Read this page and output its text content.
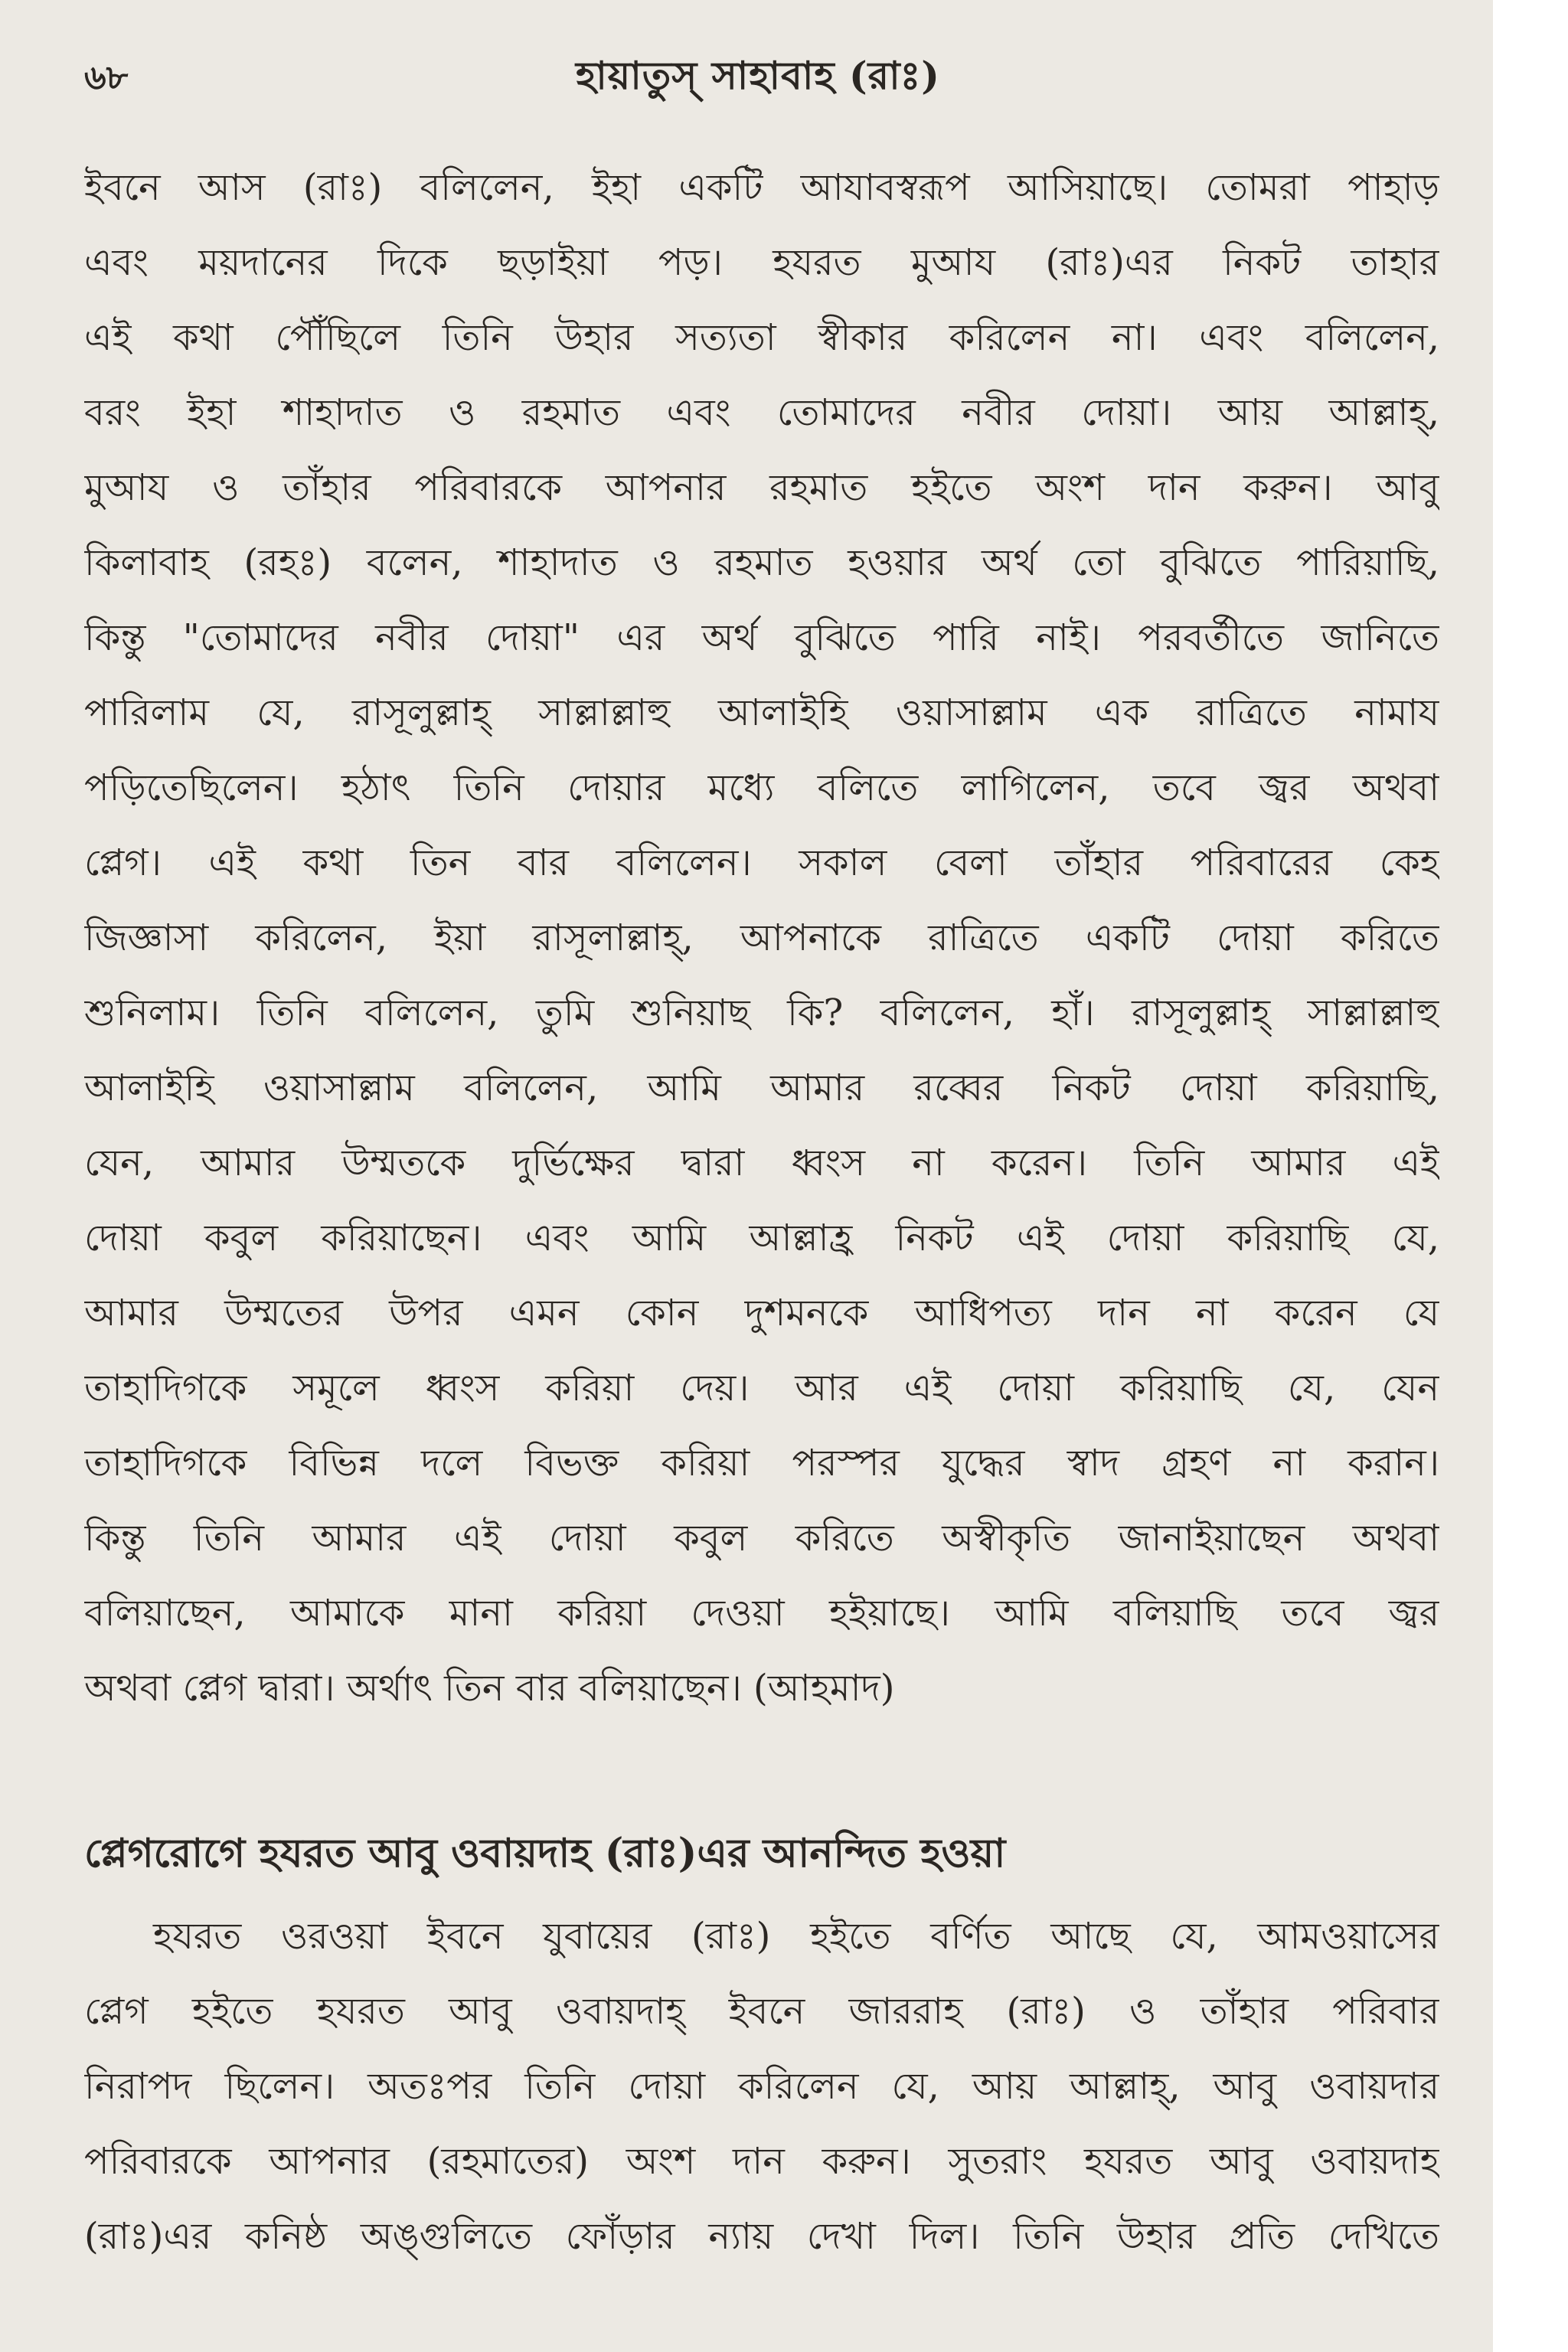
৬৮	হায়াতুস্ সাহাবাহ (রাঃ)
ইবনে আস (রাঃ) বলিলেন, ইহা একটি আযাবস্বরূপ আসিয়াছে। তোমরা পাহাড়
এবং ময়দানের দিকে ছড়াইয়া পড়। হযরত মুআয (রাঃ)এর নিকট তাহার
এই কথা পৌঁছিলে তিনি উহার সত্যতা স্বীকার করিলেন না। এবং বলিলেন,
বরং ইহা শাহাদাত ও রহমাত এবং তোমাদের নবীর দোয়া। আয় আল্লাহ্,
মুআয ও তাঁহার পরিবারকে আপনার রহমাত হইতে অংশ দান করুন। আবু
কিলাবাহ (রহঃ) বলেন, শাহাদাত ও রহমাত হওয়ার অর্থ তো বুঝিতে পারিয়াছি,
কিন্তু "তোমাদের নবীর দোয়া" এর অর্থ বুঝিতে পারি নাই। পরবর্তীতে জানিতে
পারিলাম যে, রাসূলুল্লাহ্ সাল্লাল্লাহু আলাইহি ওয়াসাল্লাম এক রাত্রিতে নামায
পড়িতেছিলেন। হঠাৎ তিনি দোয়ার মধ্যে বলিতে লাগিলেন, তবে জ্বর অথবা
প্লেগ। এই কথা তিন বার বলিলেন। সকাল বেলা তাঁহার পরিবারের কেহ
জিজ্ঞাসা করিলেন, ইয়া রাসূলাল্লাহ্, আপনাকে রাত্রিতে একটি দোয়া করিতে
শুনিলাম। তিনি বলিলেন, তুমি শুনিয়াছ কি? বলিলেন, হাঁ। রাসূলুল্লাহ্ সাল্লাল্লাহু
আলাইহি ওয়াসাল্লাম বলিলেন, আমি আমার রব্বের নিকট দোয়া করিয়াছি,
যেন, আমার উম্মতকে দুর্ভিক্ষের দ্বারা ধ্বংস না করেন। তিনি আমার এই
দোয়া কবুল করিয়াছেন। এবং আমি আল্লাহ্র নিকট এই দোয়া করিয়াছি যে,
আমার উম্মতের উপর এমন কোন দুশমনকে আধিপত্য দান না করেন যে
তাহাদিগকে সমূলে ধ্বংস করিয়া দেয়। আর এই দোয়া করিয়াছি যে, যেন
তাহাদিগকে বিভিন্ন দলে বিভক্ত করিয়া পরস্পর যুদ্ধের স্বাদ গ্রহণ না করান।
কিন্তু তিনি আমার এই দোয়া কবুল করিতে অস্বীকৃতি জানাইয়াছেন অথবা
বলিয়াছেন, আমাকে মানা করিয়া দেওয়া হইয়াছে। আমি বলিয়াছি তবে জ্বর
অথবা প্লেগ দ্বারা। অর্থাৎ তিন বার বলিয়াছেন। (আহমাদ)
প্লেগরোগে হযরত আবু ওবায়দাহ (রাঃ)এর আনন্দিত হওয়া
হযরত ওরওয়া ইবনে যুবায়ের (রাঃ) হইতে বর্ণিত আছে যে, আমওয়াসের
প্লেগ হইতে হযরত আবু ওবায়দাহ্ ইবনে জাররাহ (রাঃ) ও তাঁহার পরিবার
নিরাপদ ছিলেন। অতঃপর তিনি দোয়া করিলেন যে, আয় আল্লাহ্, আবু ওবায়দার
পরিবারকে আপনার (রহমাতের) অংশ দান করুন। সুতরাং হযরত আবু ওবায়দাহ
(রাঃ)এর কনিষ্ঠ অঙ্গুলিতে ফোঁড়ার ন্যায় দেখা দিল। তিনি উহার প্রতি দেখিতে
